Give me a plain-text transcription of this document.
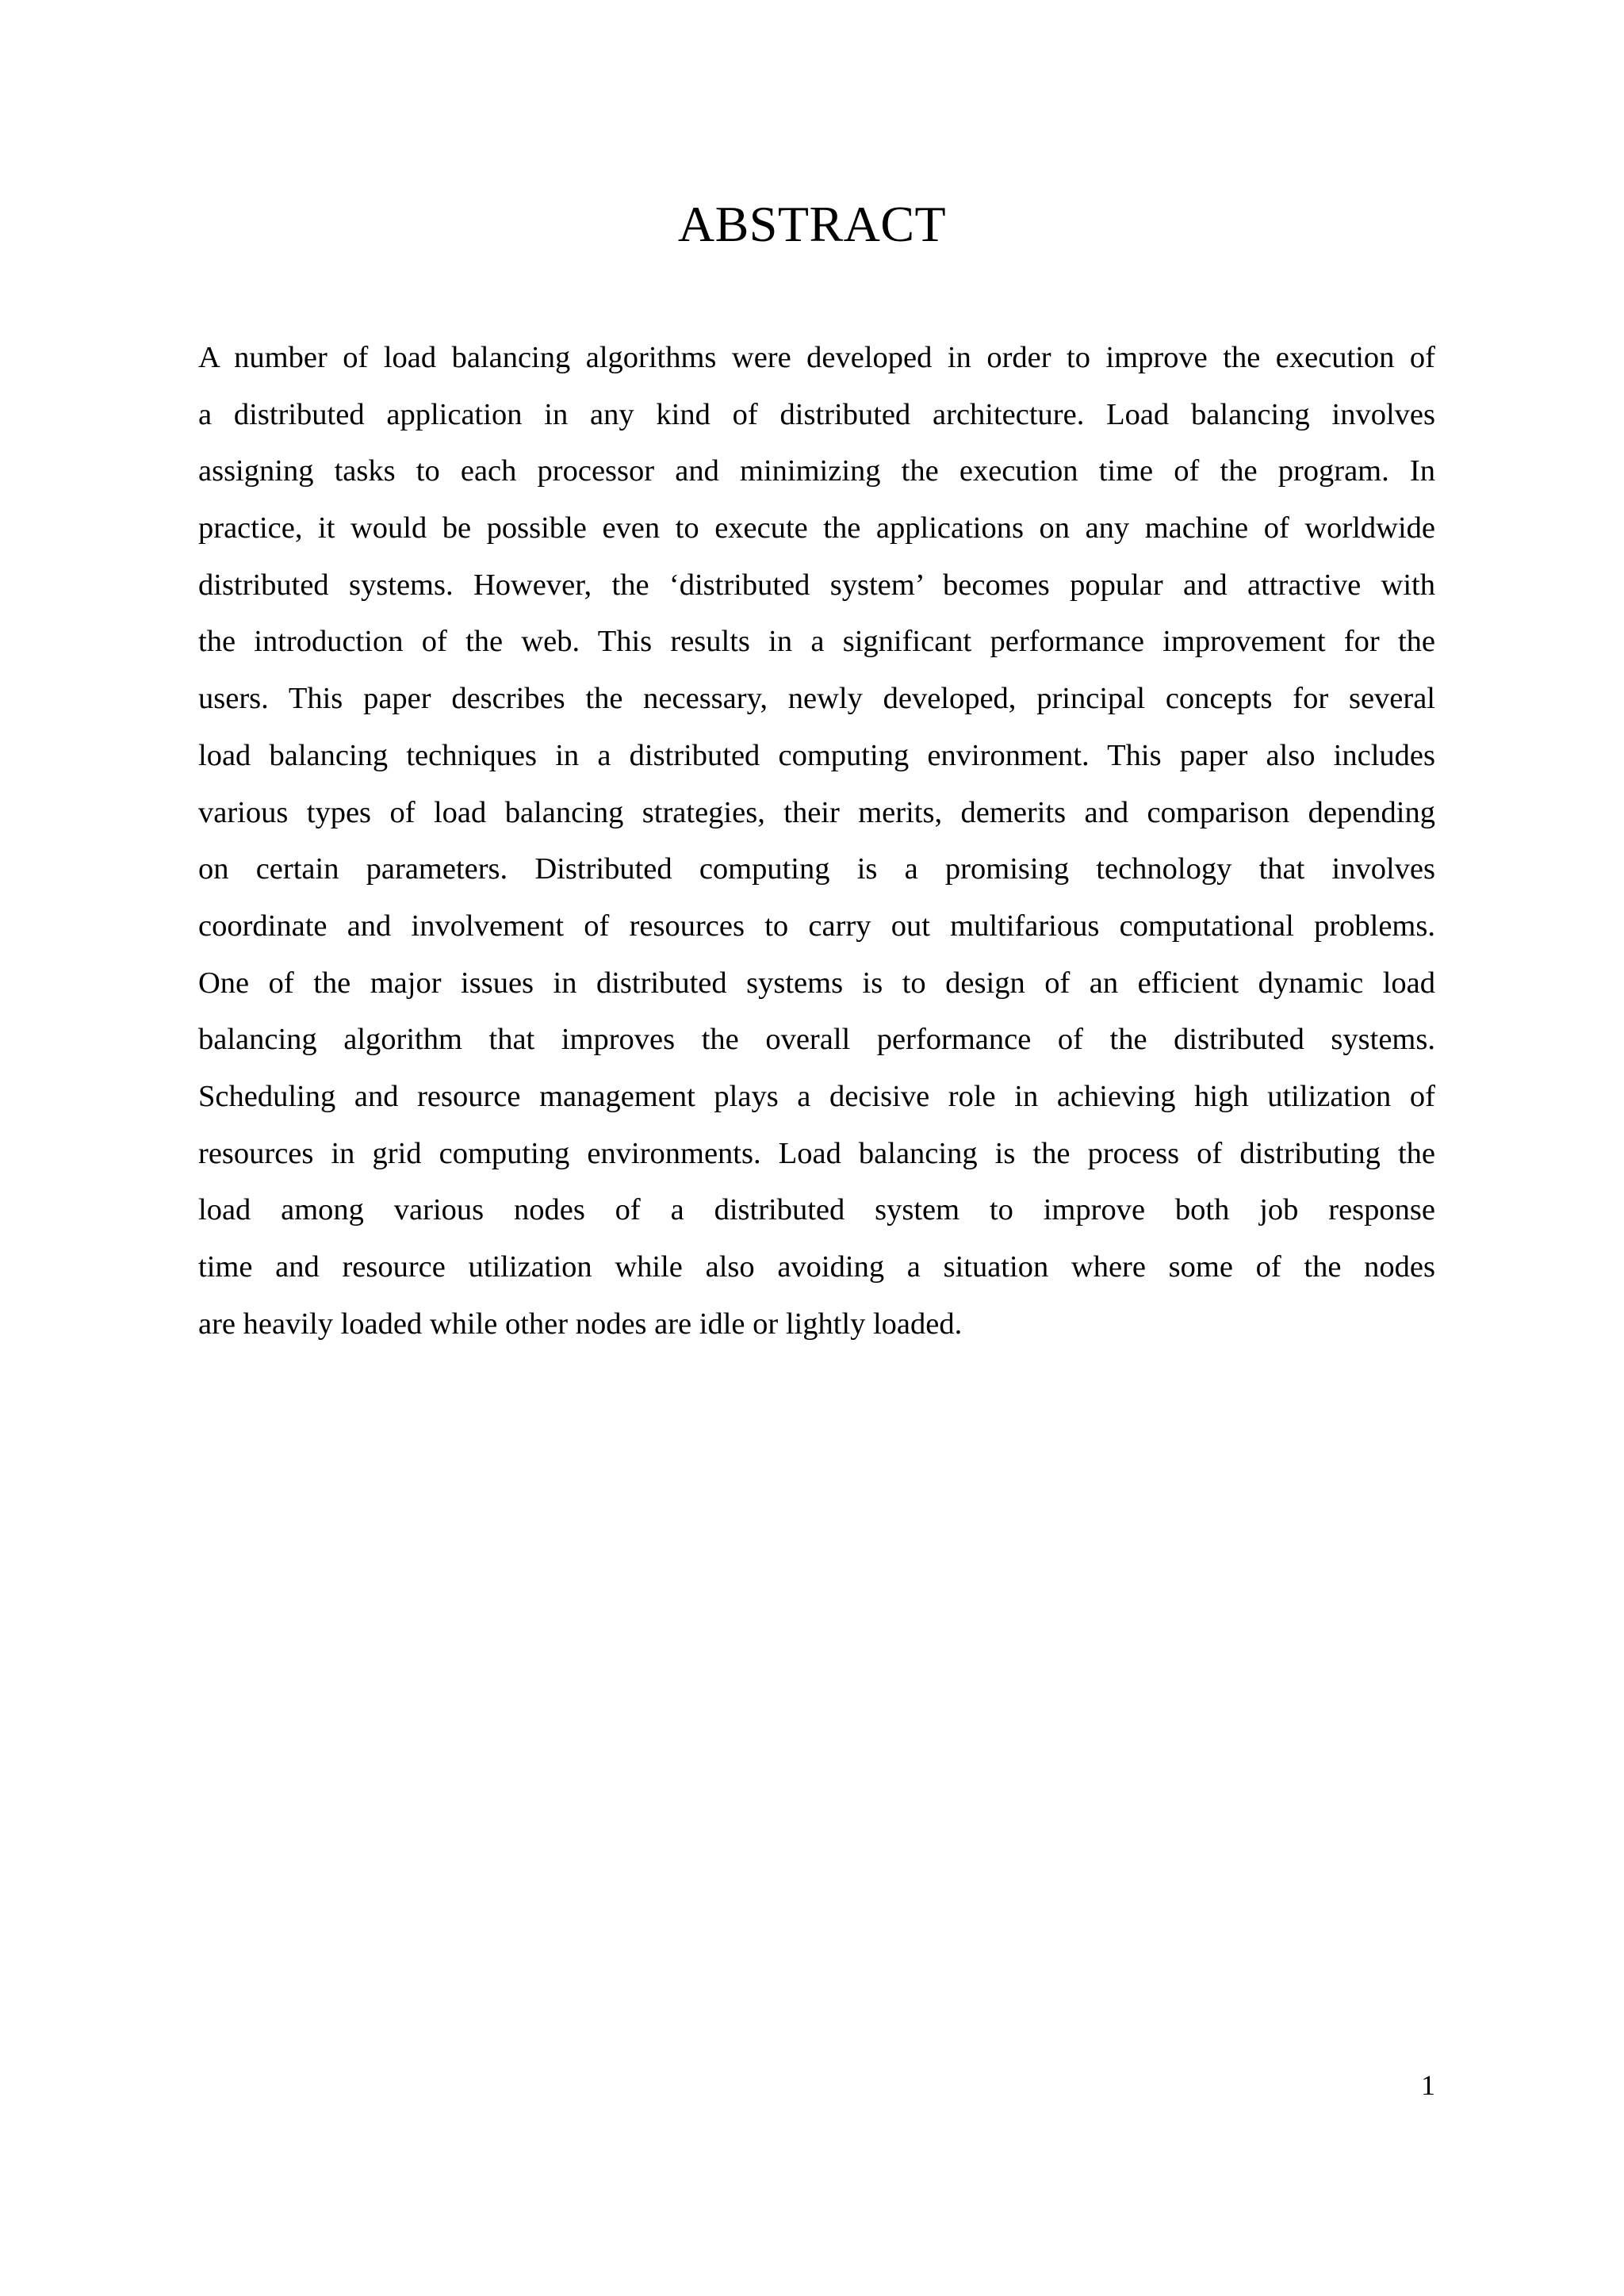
ABSTRACT
A number of load balancing algorithms were developed in order to improve the execution of
a distributed application in any kind of distributed architecture. Load balancing involves
assigning tasks to each processor and minimizing the execution time of the program. In
practice, it would be possible even to execute the applications on any machine of worldwide
distributed systems. However, the ‘distributed system’ becomes popular and attractive with
the introduction of the web. This results in a significant performance improvement for the
users. This paper describes the necessary, newly developed, principal concepts for several
load balancing techniques in a distributed computing environment. This paper also includes
various types of load balancing strategies, their merits, demerits and comparison depending
on certain parameters. Distributed computing is a promising technology that involves
coordinate and involvement of resources to carry out multifarious computational problems.
One of the major issues in distributed systems is to design of an efficient dynamic load
balancing algorithm that improves the overall performance of the distributed systems.
Scheduling and resource management plays a decisive role in achieving high utilization of
resources in grid computing environments. Load balancing is the process of distributing the
load among various nodes of a distributed system to improve both job response
time and resource utilization while also avoiding a situation where some of the nodes
are heavily loaded while other nodes are idle or lightly loaded.
1
